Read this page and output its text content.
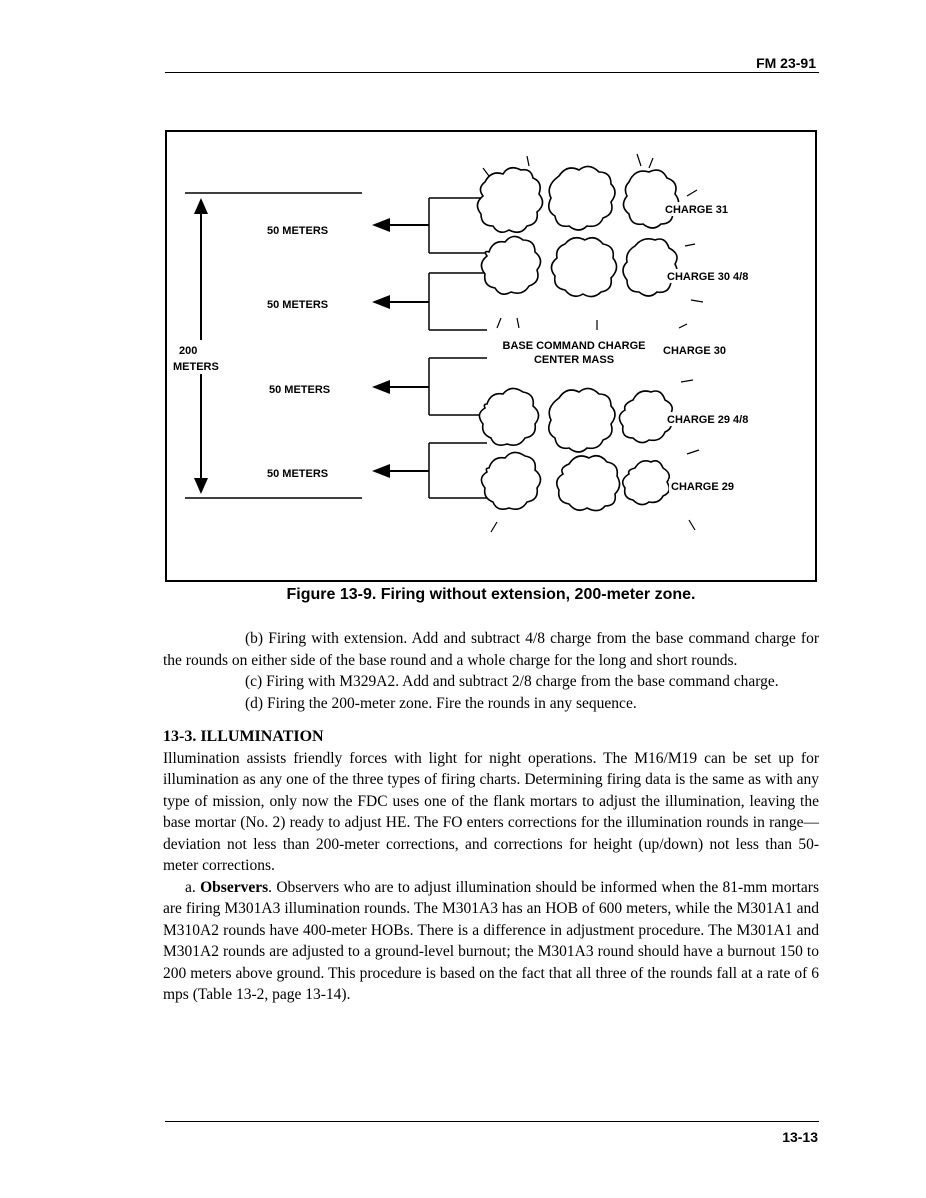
FM 23-91
200
METERS
50 METERS
50 METERS
50 METERS
50 METERS
CHARGE 31
CHARGE 30 4/8
CHARGE 30
CHARGE 29 4/8
CHARGE 29
BASE COMMAND CHARGE
CENTER MASS
Figure 13-9. Firing without extension, 200-meter zone.

(b) Firing with extension. Add and subtract 4/8 charge from the base command charge for the rounds on either side of the base round and a whole charge for the long and short rounds.

(c) Firing with M329A2. Add and subtract 2/8 charge from the base command charge.

(d) Firing the 200-meter zone. Fire the rounds in any sequence.

13-3. ILLUMINATION

Illumination assists friendly forces with light for night operations. The M16/M19 can be set up for illumination as any one of the three types of firing charts. Determining firing data is the same as with any type of mission, only now the FDC uses one of the flank mortars to adjust the illumination, leaving the base mortar (No. 2) ready to adjust HE. The FO enters corrections for the illumination rounds in range—deviation not less than 200-meter corrections, and corrections for height (up/down) not less than 50-meter corrections.

a. Observers. Observers who are to adjust illumination should be informed when the 81-mm mortars are firing M301A3 illumination rounds. The M301A3 has an HOB of 600 meters, while the M301A1 and M310A2 rounds have 400-meter HOBs. There is a difference in adjustment procedure. The M301A1 and M301A2 rounds are adjusted to a ground-level burnout; the M301A3 round should have a burnout 150 to 200 meters above ground. This procedure is based on the fact that all three of the rounds fall at a rate of 6 mps (Table 13-2, page 13-14).

13-13
